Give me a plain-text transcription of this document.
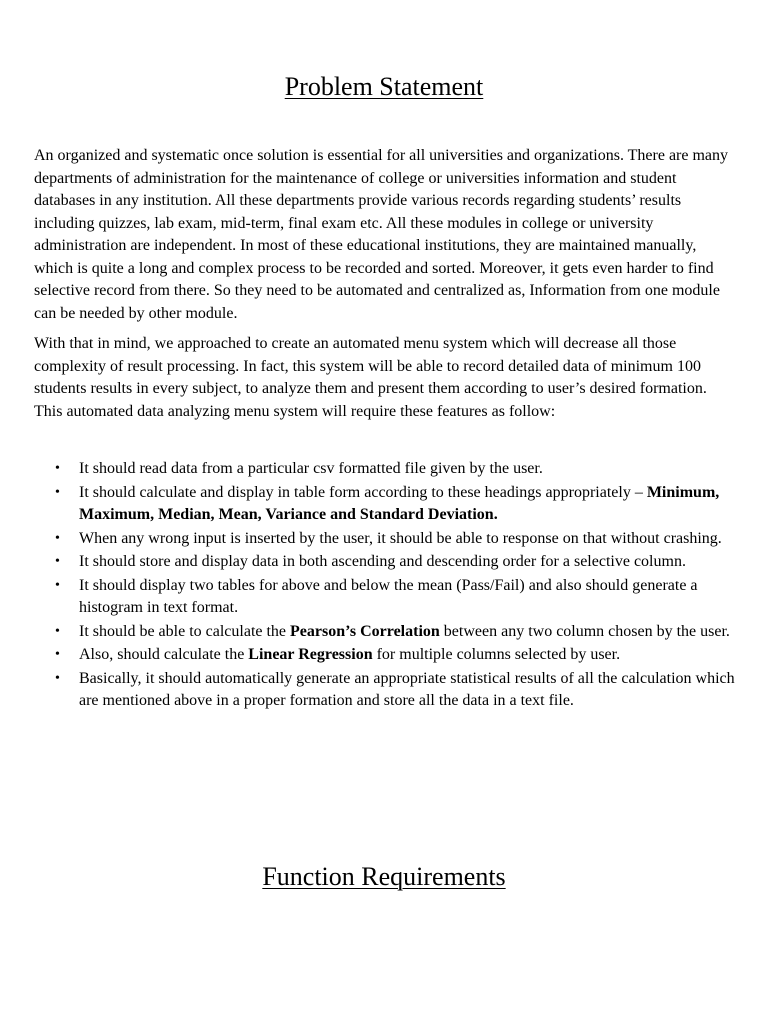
Problem Statement

An organized and systematic once solution is essential for all universities and organizations. There are many departments of administration for the maintenance of college or universities information and student databases in any institution. All these departments provide various records regarding students’ results including quizzes, lab exam, mid-term, final exam etc. All these modules in college or university administration are independent. In most of these educational institutions, they are maintained manually, which is quite a long and complex process to be recorded and sorted. Moreover, it gets even harder to find selective record from there. So they need to be automated and centralized as, Information from one module can be needed by other module.

With that in mind, we approached to create an automated menu system which will decrease all those complexity of result processing. In fact, this system will be able to record detailed data of minimum 100 students results in every subject, to analyze them and present them according to user’s desired formation. This automated data analyzing menu system will require these features as follow:

• It should read data from a particular csv formatted file given by the user.
• It should calculate and display in table form according to these headings appropriately – Minimum, Maximum, Median, Mean, Variance and Standard Deviation.
• When any wrong input is inserted by the user, it should be able to response on that without crashing.
• It should store and display data in both ascending and descending order for a selective column.
• It should display two tables for above and below the mean (Pass/Fail) and also should generate a histogram in text format.
• It should be able to calculate the Pearson’s Correlation between any two column chosen by the user.
• Also, should calculate the Linear Regression for multiple columns selected by user.
• Basically, it should automatically generate an appropriate statistical results of all the calculation which are mentioned above in a proper formation and store all the data in a text file.
Function Requirements
